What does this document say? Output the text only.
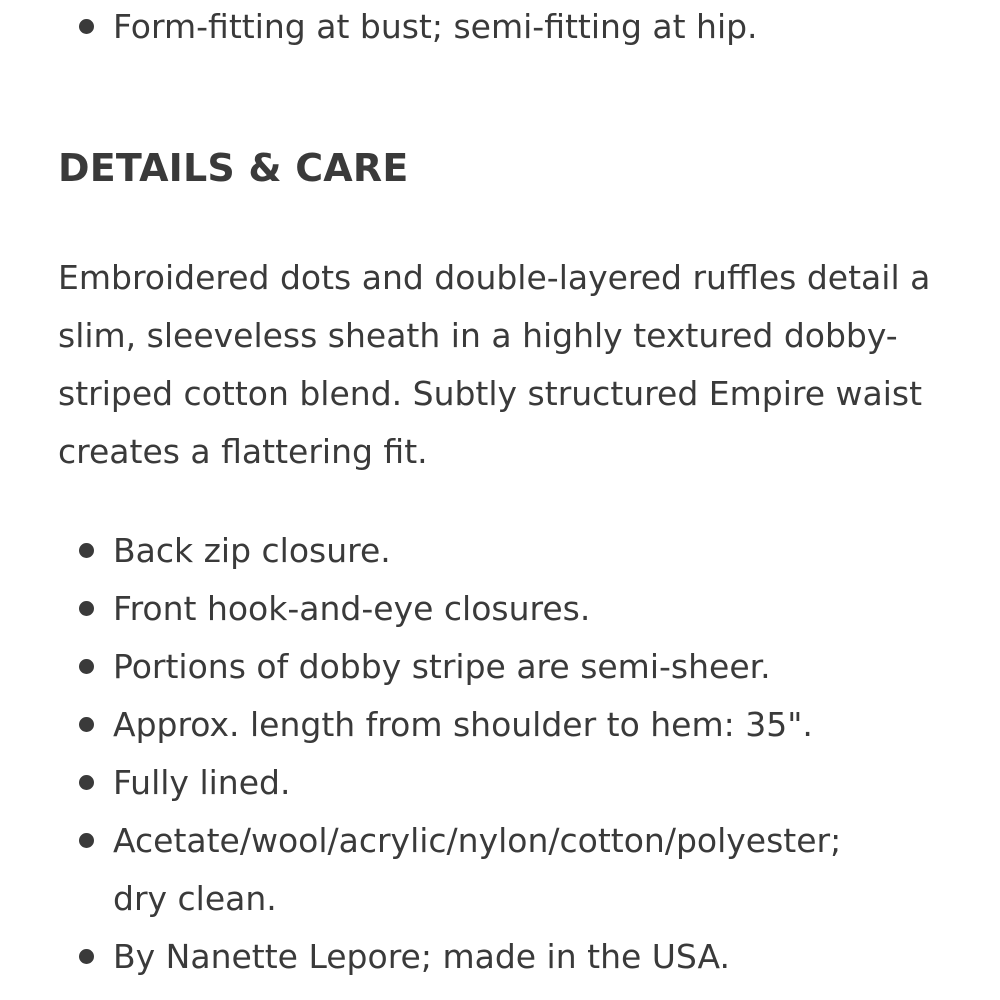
Form-fitting at bust; semi-fitting at hip.
DETAILS & CARE

Embroidered dots and double-layered ruffles detail a slim, sleeveless sheath in a highly textured dobby-striped cotton blend. Subtly structured Empire waist creates a flattering fit.

Back zip closure.
Front hook-and-eye closures.
Portions of dobby stripe are semi-sheer.
Approx. length from shoulder to hem: 35".
Fully lined.
Acetate/wool/acrylic/nylon/cotton/polyester; dry clean.
By Nanette Lepore; made in the USA.
